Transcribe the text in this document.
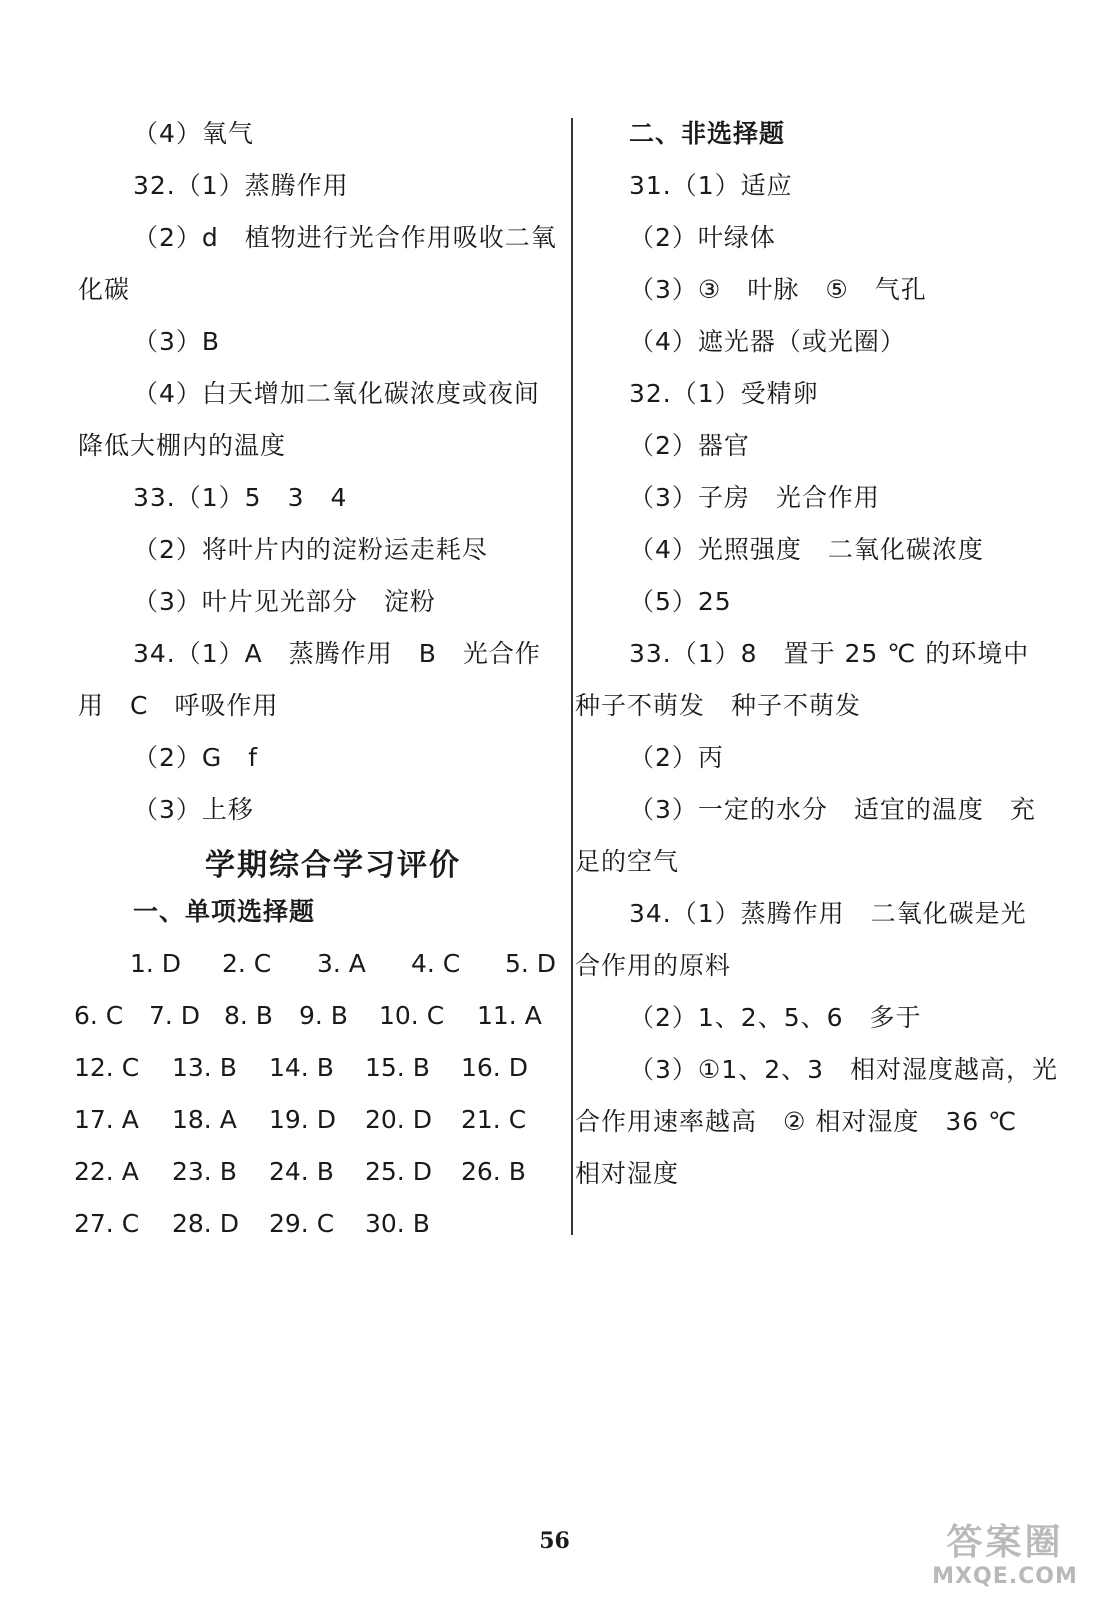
（4）氧气
32.（1）蒸腾作用
（2）d　植物进行光合作用吸收二氧
化碳
（3）B
（4）白天增加二氧化碳浓度或夜间
降低大棚内的温度
33.（1）5　3　4
（2）将叶片内的淀粉运走耗尽
（3）叶片见光部分　淀粉
34.（1）A　蒸腾作用　B　光合作
用　C　呼吸作用
（2）G　f
（3）上移
学期综合学习评价
一、单项选择题
1. D	2. C	3. A	4. C	5. D
6. C	7. D 8. B	9. B	10. C	11. A
12. C	13. B	14. B	15. B	16. D
17. A	18. A	19. D	20. D	21. C
22. A	23. B	24. B	25. D	26. B
27. C	28. D	29. C	30. B
二、非选择题
31.（1）适应
（2）叶绿体
（3）③　叶脉　⑤　气孔
（4）遮光器（或光圈）
32.（1）受精卵
（2）器官
（3）子房　光合作用
（4）光照强度　二氧化碳浓度
（5）25
33.（1）8　置于 25 ℃ 的环境中
种子不萌发　种子不萌发
（2）丙
（3）一定的水分　适宜的温度　充
足的空气
34.（1）蒸腾作用　二氧化碳是光
合作用的原料
（2）1、2、5、6　多于
（3）①1、2、3　相对湿度越高，光
合作用速率越高　② 相对湿度　36 ℃
相对湿度
56	答案圈
MXQE.COM
